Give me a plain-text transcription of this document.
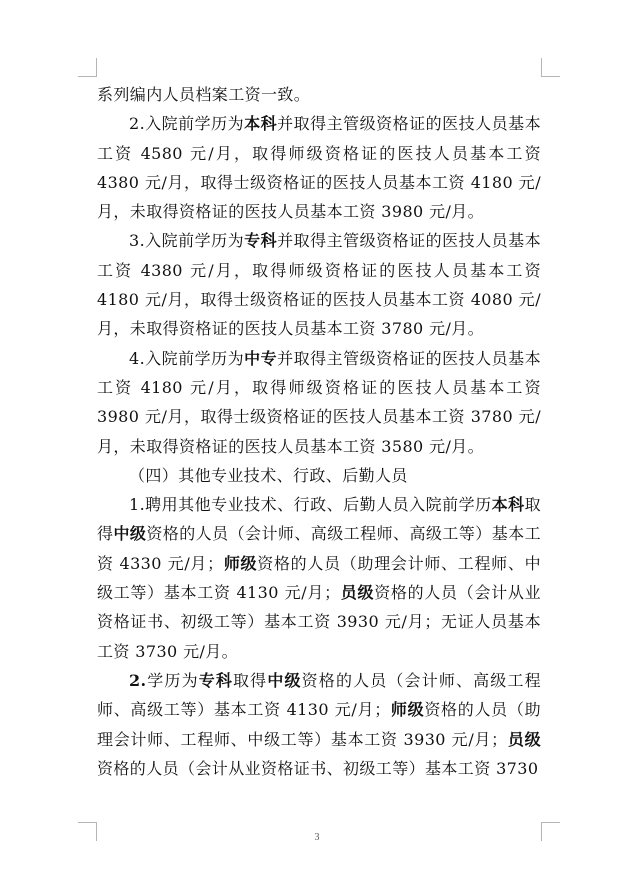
系列编内人员档案工资一致。

2.入院前学历为本科并取得主管级资格证的医技人员基本工资 4580 元/月，取得师级资格证的医技人员基本工资 4380 元/月，取得士级资格证的医技人员基本工资 4180 元/月，未取得资格证的医技人员基本工资 3980 元/月。

3.入院前学历为专科并取得主管级资格证的医技人员基本工资 4380 元/月，取得师级资格证的医技人员基本工资 4180 元/月，取得士级资格证的医技人员基本工资 4080 元/月，未取得资格证的医技人员基本工资 3780 元/月。

4.入院前学历为中专并取得主管级资格证的医技人员基本工资 4180 元/月，取得师级资格证的医技人员基本工资 3980 元/月，取得士级资格证的医技人员基本工资 3780 元/月，未取得资格证的医技人员基本工资 3580 元/月。

（四）其他专业技术、行政、后勤人员

1.聘用其他专业技术、行政、后勤人员入院前学历本科取得中级资格的人员（会计师、高级工程师、高级工等）基本工资 4330 元/月；师级资格的人员（助理会计师、工程师、中级工等）基本工资 4130 元/月；员级资格的人员（会计从业资格证书、初级工等）基本工资 3930 元/月；无证人员基本工资 3730 元/月。

2.学历为专科取得中级资格的人员（会计师、高级工程师、高级工等）基本工资 4130 元/月；师级资格的人员（助理会计师、工程师、中级工等）基本工资 3930 元/月；员级资格的人员（会计从业资格证书、初级工等）基本工资 3730

3
